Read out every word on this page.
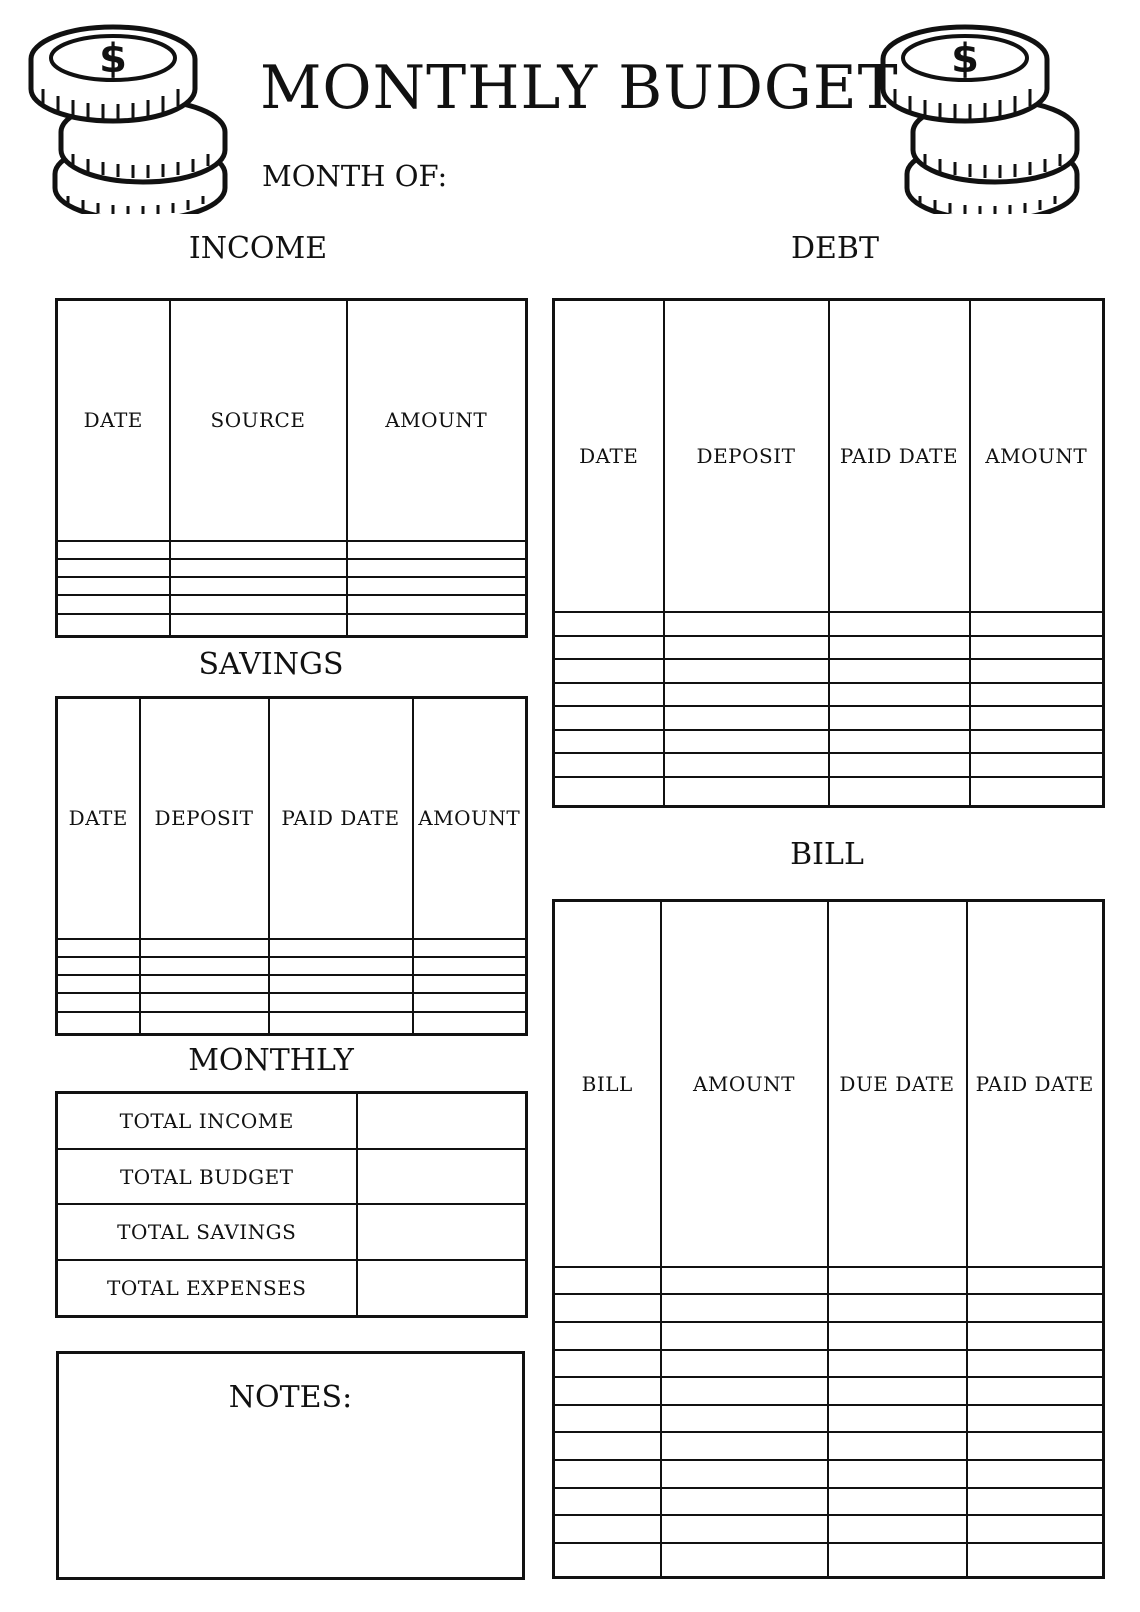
$	$
MONTHLY BUDGET
MONTH OF:
INCOME
DATE	SOURCE	AMOUNT

DEBT
DATE	DEPOSIT	PAID DATE	AMOUNT

SAVINGS
DATE	DEPOSIT	PAID DATE	AMOUNT

BILL
BILL	AMOUNT	DUE DATE	PAID DATE

MONTHLY
TOTAL INCOME	
TOTAL BUDGET	
TOTAL SAVINGS	
TOTAL EXPENSES	
NOTES:
